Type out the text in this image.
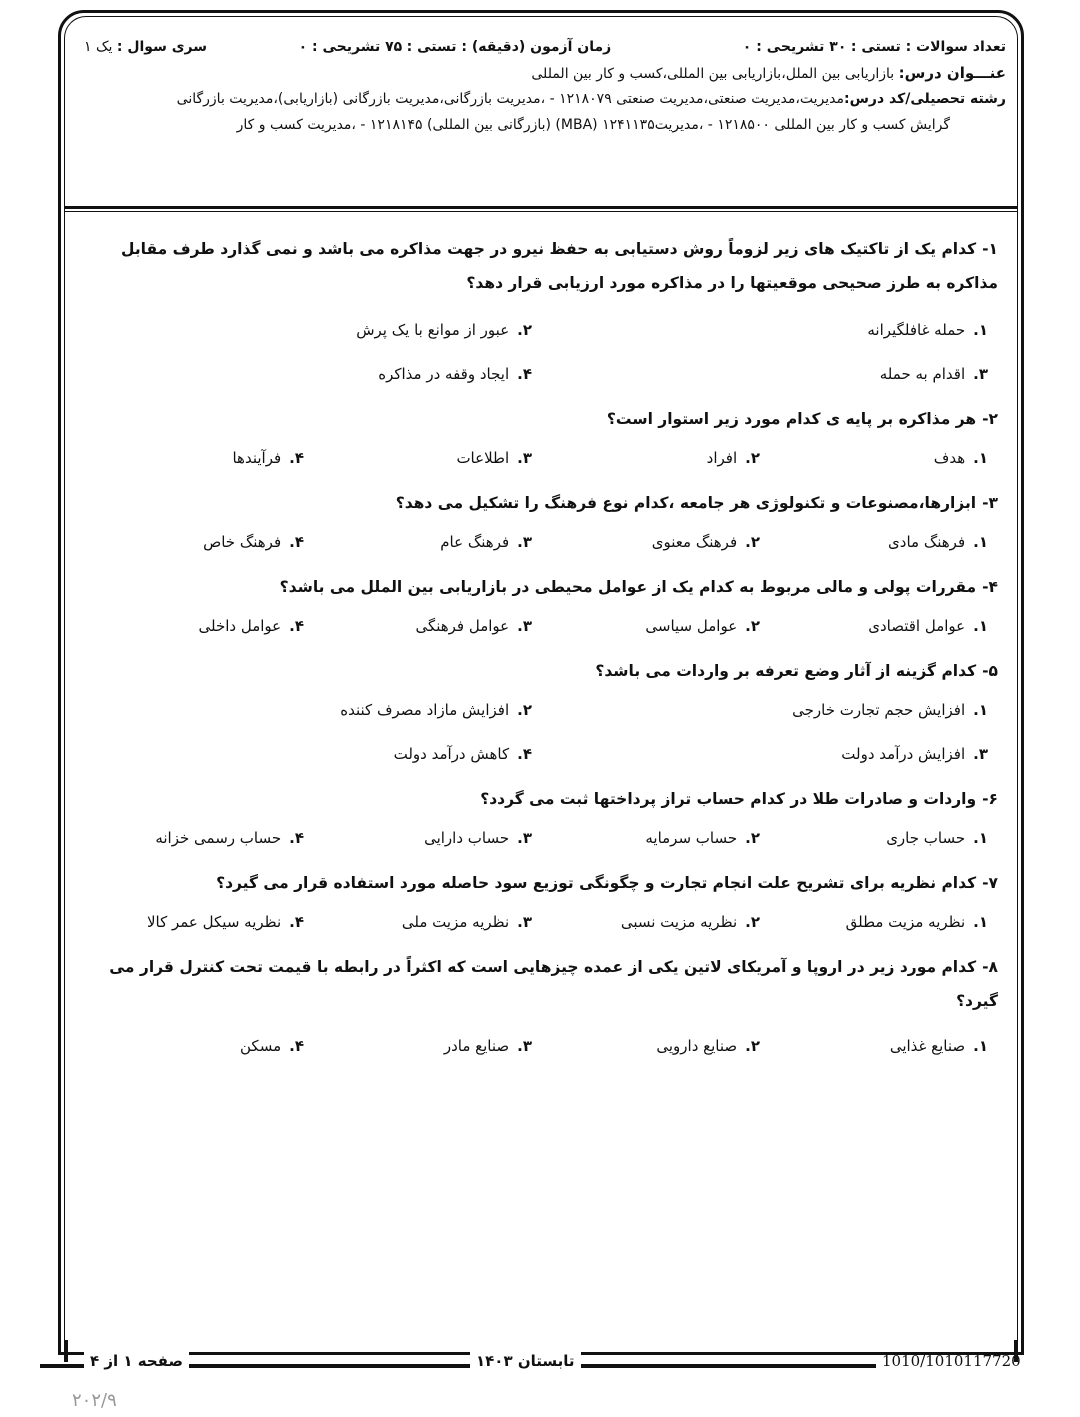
تعداد سوالات : تستی : ۳۰ تشریحی : ۰
زمان آزمون (دقیقه) : تستی : ۷۵ تشریحی : ۰
سری سوال : یک ۱
عنـــوان درس: بازاریابی بین الملل،بازاریابی بین المللی،کسب و کار بین المللی
رشته تحصیلی/کد درس:مدیریت،مدیریت صنعتی،مدیریت صنعتی ۱۲۱۸۰۷۹ - ،مدیریت بازرگانی،مدیریت بازرگانی (بازاریابی)،مدیریت بازرگانی
گرایش کسب و کار بین المللی ۱۲۱۸۵۰۰ - ،مدیریت۱۲۴۱۱۳۵ (MBA) (بازرگانی بین المللی) ۱۲۱۸۱۴۵ - ،مدیریت کسب و کار
۱-کدام یک از تاکتیک های زیر لزوماً روش دستیابی به حفظ نیرو در جهت مذاکره می باشد و نمی گذارد طرف مقابل مذاکره به طرز صحیحی موقعیتها را در مذاکره مورد ارزیابی قرار دهد؟
۱.حمله غافلگیرانه
۲.عبور از موانع با یک پرش
۳.اقدام به حمله
۴.ایجاد وقفه در مذاکره
۲-هر مذاکره بر پایه ی کدام مورد زیر استوار است؟
۱.هدف
۲.افراد
۳.اطلاعات
۴.فرآیندها
۳-ابزارها،مصنوعات و تکنولوژی هر جامعه ،کدام نوع فرهنگ را تشکیل می دهد؟
۱.فرهنگ مادی
۲.فرهنگ معنوی
۳.فرهنگ عام
۴.فرهنگ خاص
۴-مقررات پولی و مالی مربوط به کدام یک از عوامل محیطی در بازاریابی بین الملل می باشد؟
۱.عوامل اقتصادی
۲.عوامل سیاسی
۳.عوامل فرهنگی
۴.عوامل داخلی
۵-کدام گزینه از آثار وضع تعرفه بر واردات می باشد؟
۱.افزایش حجم تجارت خارجی
۲.افزایش مازاد مصرف کننده
۳.افزایش درآمد دولت
۴.کاهش درآمد دولت
۶-واردات و صادرات طلا در کدام حساب تراز پرداختها ثبت می گردد؟
۱.حساب جاری
۲.حساب سرمایه
۳.حساب دارایی
۴.حساب رسمی خزانه
۷-کدام نظریه برای تشریح علت انجام تجارت و چگونگی توزیع سود حاصله مورد استفاده قرار می گیرد؟
۱.نظریه مزیت مطلق
۲.نظریه مزیت نسبی
۳.نظریه مزیت ملی
۴.نظریه سیکل عمر کالا
۸-کدام مورد زیر در اروپا و آمریکای لاتین یکی از عمده چیزهایی است که اکثراً در رابطه با قیمت تحت کنترل قرار می گیرد؟
۱.صنایع غذایی
۲.صنایع دارویی
۳.صنایع مادر
۴.مسکن
صفحه ۱ از ۴	تابستان ۱۴۰۳	1010/1010117720
۲۰۲/۹
